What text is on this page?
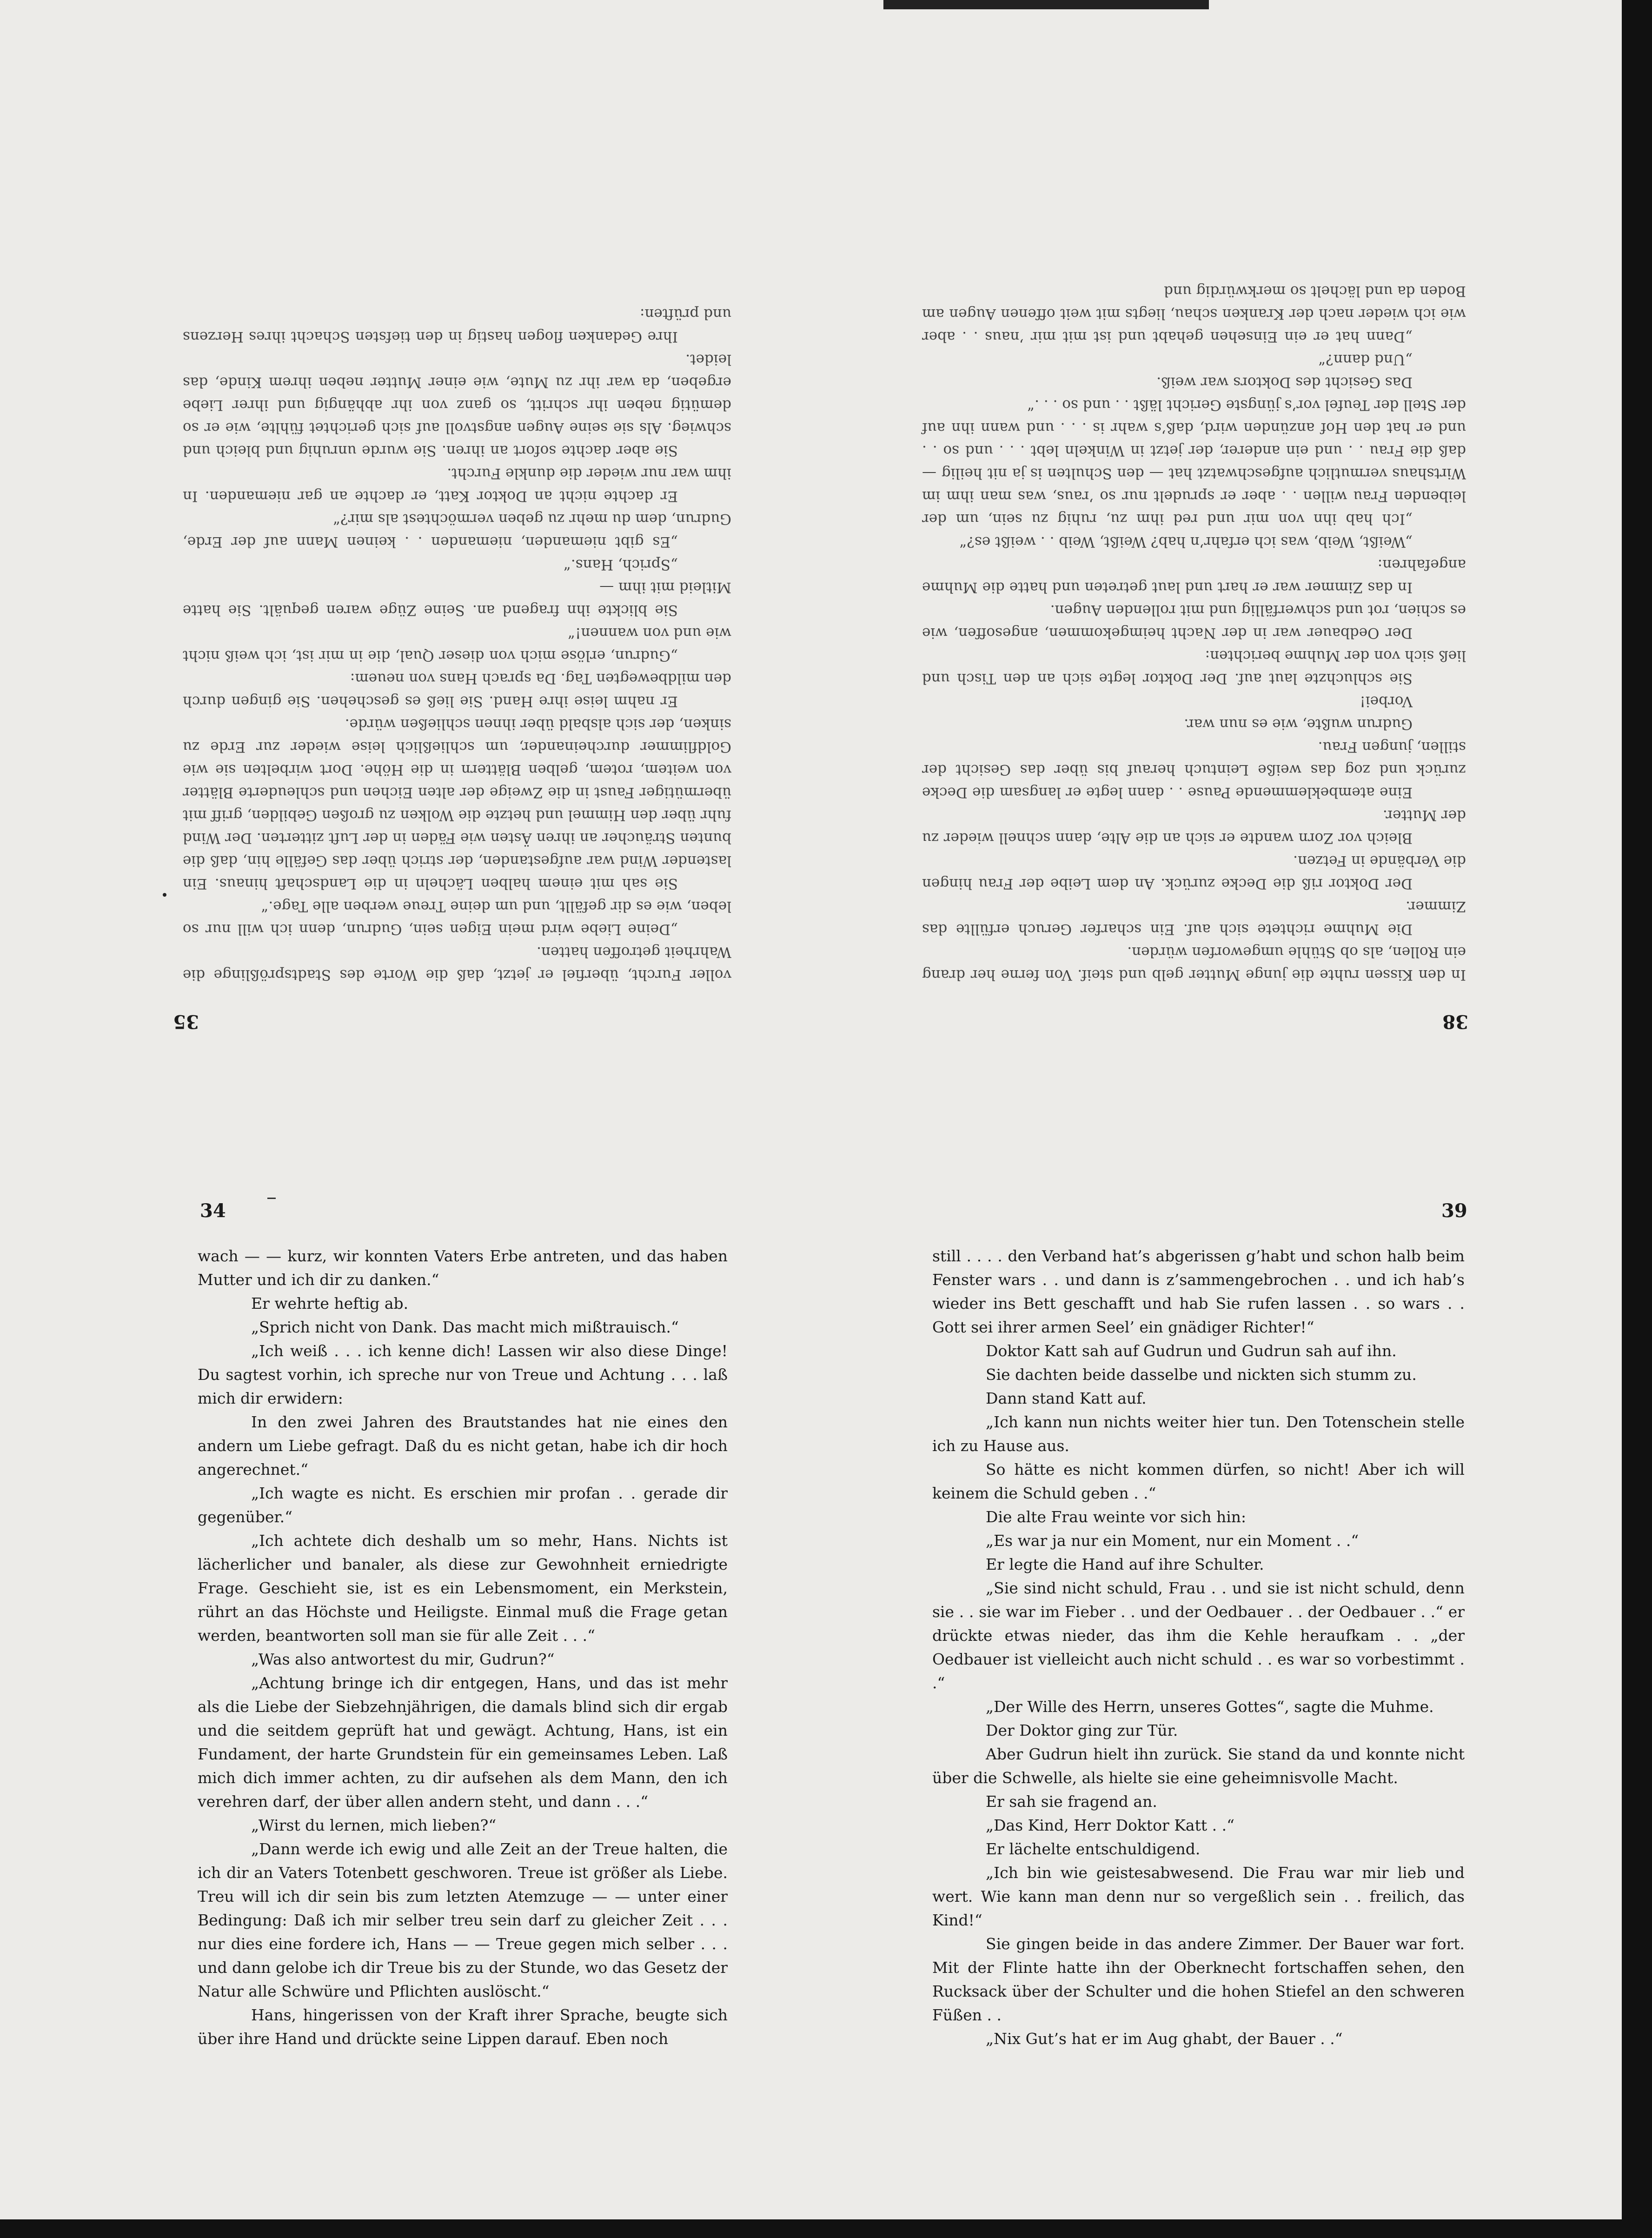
35

voller Furcht, überfiel er jetzt, daß die Worte des Stadtsprößlinge die Wahrheit getroffen hatten.

„Deine Liebe wird mein Eigen sein, Gudrun, denn ich will nur so leben, wie es dir gefällt, und um deine Treue werben alle Tage.“

Sie sah mit einem halben Lächeln in die Landschaft hinaus. Ein lastender Wind war aufgestanden, der strich über das Gefälle hin, daß die bunten Sträucher an ihren Ästen wie Fäden in der Luft zitterten. Der Wind fuhr über den Himmel und hetzte die Wolken zu großen Gebilden, griff mit übermütiger Faust in die Zweige der alten Eichen und schleuderte Blätter von weitem, rotem, gelben Blättern in die Höhe. Dort wirbelten sie wie Goldflimmer durcheinander, um schließlich leise wieder zur Erde zu sinken, der sich alsbald über ihnen schließen würde.

Er nahm leise ihre Hand. Sie ließ es geschehen. Sie gingen durch den mildbewegten Tag. Da sprach Hans von neuem:

„Gudrun, erlöse mich von dieser Qual, die in mir ist, ich weiß nicht wie und von wannen!“

Sie blickte ihn fragend an. Seine Züge waren gequält. Sie hatte Mitleid mit ihm —

„Sprich, Hans.“

„Es gibt niemanden, niemanden . . keinen Mann auf der Erde, Gudrun, dem du mehr zu geben vermöchtest als mir?“

Er dachte nicht an Doktor Katt, er dachte an gar niemanden. In ihm war nur wieder die dunkle Furcht.

Sie aber dachte sofort an ihren. Sie wurde unruhig und bleich und schwieg. Als sie seine Augen angstvoll auf sich gerichtet fühlte, wie er so demütig neben ihr schritt, so ganz von ihr abhängig und ihrer Liebe ergeben, da war ihr zu Mute, wie einer Mutter neben ihrem Kinde, das leidet.

Ihre Gedanken flogen hastig in den tiefsten Schacht ihres Herzens und prüften:

38

In den Kissen ruhte die junge Mutter gelb und steif. Von ferne her drang ein Rollen, als ob Stühle umgeworfen würden.

Die Muhme richtete sich auf. Ein scharfer Geruch erfüllte das Zimmer.

Der Doktor riß die Decke zurück. An dem Leibe der Frau hingen die Verbände in Fetzen.

Bleich vor Zorn wandte er sich an die Alte, dann schnell wieder zu der Mutter.

Eine atembeklemmende Pause . . dann legte er langsam die Decke zurück und zog das weiße Leintuch herauf bis über das Gesicht der stillen, jungen Frau.

Gudrun wußte, wie es nun war.

Vorbei!

Sie schluchzte laut auf. Der Doktor legte sich an den Tisch und ließ sich von der Muhme berichten:

Der Oedbauer war in der Nacht heimgekommen, angesoffen, wie es schien, rot und schwerfällig und mit rollenden Augen.

In das Zimmer war er hart und laut getreten und hatte die Muhme angefahren:

„Weißt, Weib, was ich erfahr’n hab? Weißt, Weib . . weißt es?“

„Ich hab ihn von mir und red ihm zu, ruhig zu sein, um der leibenden Frau willen . . aber er sprudelt nur so ’raus, was man ihm im Wirtshaus vermutlich aufgeschwatzt hat — den Schulten is ja nit heilig — daß die Frau . . und ein anderer, der jetzt in Winkeln lebt . . . und so . . und er hat den Hof anzünden wird, daß’s wahr is . . . und wann ihn auf der Stell der Teufel vor’s jüngste Gericht läßt . . und so . . .“

Das Gesicht des Doktors war weiß.

„Und dann?“

„Dann hat er ein Einsehen gehabt und ist mit mir ’naus . . aber wie ich wieder nach der Kranken schau, liegts mit weit offenen Augen am Boden da und lächelt so merkwürdig und

34

wach — — kurz, wir konnten Vaters Erbe antreten, und das haben Mutter und ich dir zu danken.“

Er wehrte heftig ab.

„Sprich nicht von Dank. Das macht mich mißtrauisch.“

„Ich weiß . . . ich kenne dich! Lassen wir also diese Dinge! Du sagtest vorhin, ich spreche nur von Treue und Achtung . . . laß mich dir erwidern:

In den zwei Jahren des Brautstandes hat nie eines den andern um Liebe gefragt. Daß du es nicht getan, habe ich dir hoch angerechnet.“

„Ich wagte es nicht. Es erschien mir profan . . gerade dir gegenüber.“

„Ich achtete dich deshalb um so mehr, Hans. Nichts ist lächerlicher und banaler, als diese zur Gewohnheit erniedrigte Frage. Geschieht sie, ist es ein Lebensmoment, ein Merkstein, rührt an das Höchste und Heiligste. Einmal muß die Frage getan werden, beantworten soll man sie für alle Zeit . . .“

„Was also antwortest du mir, Gudrun?“

„Achtung bringe ich dir entgegen, Hans, und das ist mehr als die Liebe der Siebzehnjährigen, die damals blind sich dir ergab und die seitdem geprüft hat und gewägt. Achtung, Hans, ist ein Fundament, der harte Grundstein für ein gemeinsames Leben. Laß mich dich immer achten, zu dir aufsehen als dem Mann, den ich verehren darf, der über allen andern steht, und dann . . .“

„Wirst du lernen, mich lieben?“

„Dann werde ich ewig und alle Zeit an der Treue halten, die ich dir an Vaters Totenbett geschworen. Treue ist größer als Liebe. Treu will ich dir sein bis zum letzten Atemzuge — — unter einer Bedingung: Daß ich mir selber treu sein darf zu gleicher Zeit . . . nur dies eine fordere ich, Hans — — Treue gegen mich selber . . . und dann gelobe ich dir Treue bis zu der Stunde, wo das Gesetz der Natur alle Schwüre und Pflichten auslöscht.“

Hans, hingerissen von der Kraft ihrer Sprache, beugte sich über ihre Hand und drückte seine Lippen darauf. Eben noch

39

still . . . . den Verband hat’s abgerissen g’habt und schon halb beim Fenster wars . . und dann is z’sammengebrochen . . und ich hab’s wieder ins Bett geschafft und hab Sie rufen lassen . . so wars . . Gott sei ihrer armen Seel’ ein gnädiger Richter!“

Doktor Katt sah auf Gudrun und Gudrun sah auf ihn.

Sie dachten beide dasselbe und nickten sich stumm zu.

Dann stand Katt auf.

„Ich kann nun nichts weiter hier tun. Den Totenschein stelle ich zu Hause aus.

So hätte es nicht kommen dürfen, so nicht! Aber ich will keinem die Schuld geben . .“

Die alte Frau weinte vor sich hin:

„Es war ja nur ein Moment, nur ein Moment . .“

Er legte die Hand auf ihre Schulter.

„Sie sind nicht schuld, Frau . . und sie ist nicht schuld, denn sie . . sie war im Fieber . . und der Oedbauer . . der Oedbauer . .“ er drückte etwas nieder, das ihm die Kehle heraufkam . . „der Oedbauer ist vielleicht auch nicht schuld . . es war so vorbestimmt . .“

„Der Wille des Herrn, unseres Gottes“, sagte die Muhme.

Der Doktor ging zur Tür.

Aber Gudrun hielt ihn zurück. Sie stand da und konnte nicht über die Schwelle, als hielte sie eine geheimnisvolle Macht.

Er sah sie fragend an.

„Das Kind, Herr Doktor Katt . .“

Er lächelte entschuldigend.

„Ich bin wie geistesabwesend. Die Frau war mir lieb und wert. Wie kann man denn nur so vergeßlich sein . . freilich, das Kind!“

Sie gingen beide in das andere Zimmer. Der Bauer war fort. Mit der Flinte hatte ihn der Oberknecht fortschaffen sehen, den Rucksack über der Schulter und die hohen Stiefel an den schweren Füßen . .

„Nix Gut’s hat er im Aug ghabt, der Bauer . .“
